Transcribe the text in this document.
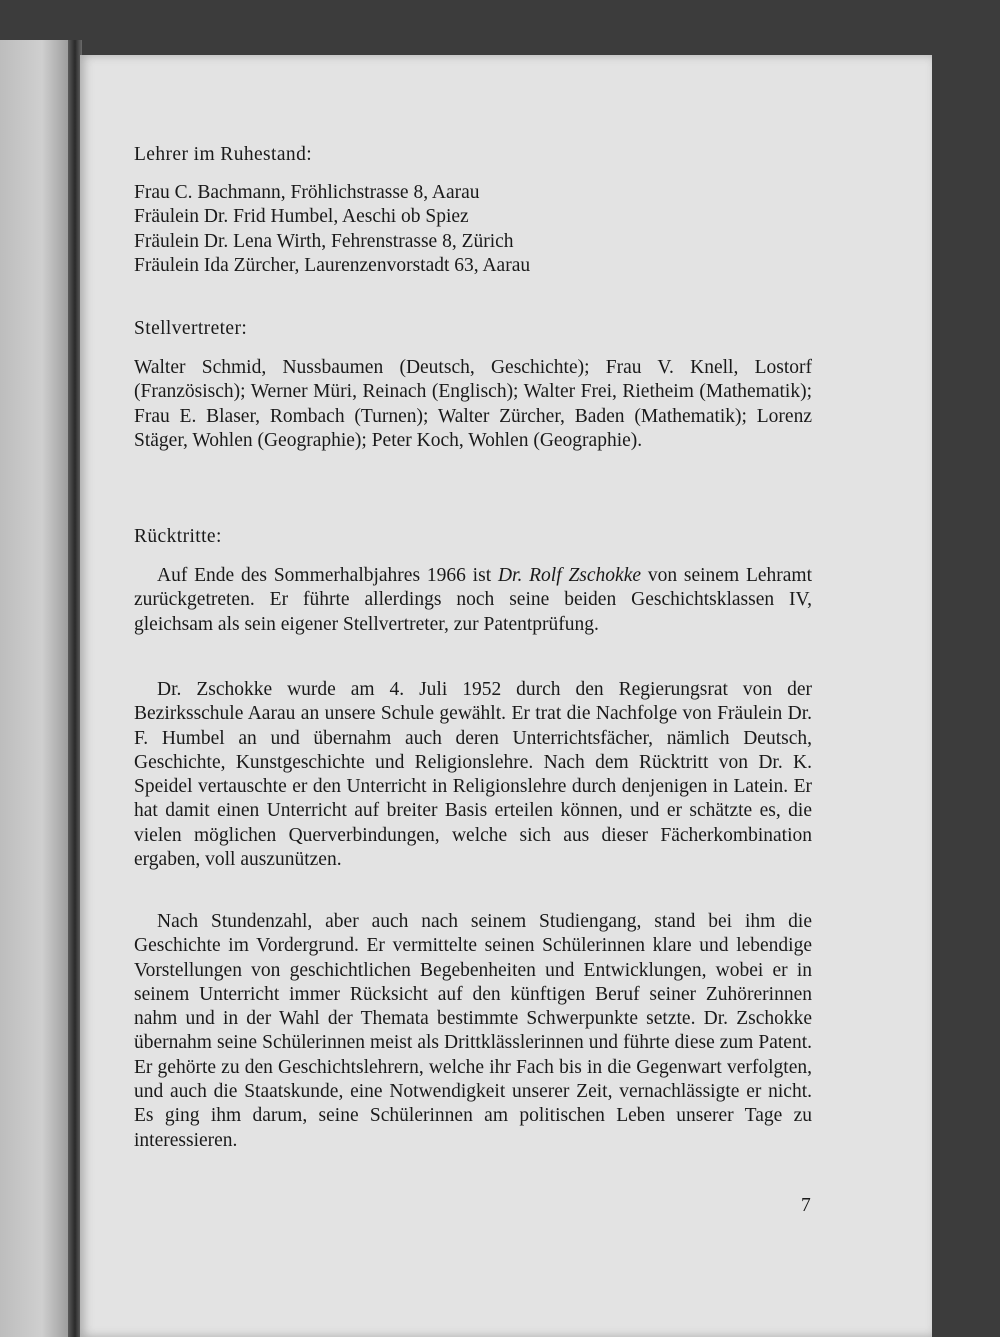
Lehrer im Ruhestand:

Frau C. Bachmann, Fröhlichstrasse 8, Aarau
Fräulein Dr. Frid Humbel, Aeschi ob Spiez
Fräulein Dr. Lena Wirth, Fehrenstrasse 8, Zürich
Fräulein Ida Zürcher, Laurenzenvorstadt 63, Aarau

Stellvertreter:

Walter Schmid, Nussbaumen (Deutsch, Geschichte); Frau V. Knell, Lostorf (Französisch); Werner Müri, Reinach (Englisch); Walter Frei, Rietheim (Mathematik); Frau E. Blaser, Rombach (Turnen); Walter Zürcher, Baden (Mathematik); Lorenz Stäger, Wohlen (Geographie); Peter Koch, Wohlen (Geographie).

Rücktritte:

Auf Ende des Sommerhalbjahres 1966 ist Dr. Rolf Zschokke von seinem Lehramt zurückgetreten. Er führte allerdings noch seine beiden Geschichtsklassen IV, gleichsam als sein eigener Stellvertreter, zur Patentprüfung.

Dr. Zschokke wurde am 4. Juli 1952 durch den Regierungsrat von der Bezirksschule Aarau an unsere Schule gewählt. Er trat die Nachfolge von Fräulein Dr. F. Humbel an und übernahm auch deren Unterrichtsfächer, nämlich Deutsch, Geschichte, Kunstgeschichte und Religionslehre. Nach dem Rücktritt von Dr. K. Speidel vertauschte er den Unterricht in Religionslehre durch denjenigen in Latein. Er hat damit einen Unterricht auf breiter Basis erteilen können, und er schätzte es, die vielen möglichen Querverbindungen, welche sich aus dieser Fächerkombination ergaben, voll auszunützen.

Nach Stundenzahl, aber auch nach seinem Studiengang, stand bei ihm die Geschichte im Vordergrund. Er vermittelte seinen Schülerinnen klare und lebendige Vorstellungen von geschichtlichen Begebenheiten und Entwicklungen, wobei er in seinem Unterricht immer Rücksicht auf den künftigen Beruf seiner Zuhörerinnen nahm und in der Wahl der Themata bestimmte Schwerpunkte setzte. Dr. Zschokke übernahm seine Schülerinnen meist als Drittklässlerinnen und führte diese zum Patent. Er gehörte zu den Geschichtslehrern, welche ihr Fach bis in die Gegenwart verfolgten, und auch die Staatskunde, eine Notwendigkeit unserer Zeit, vernachlässigte er nicht. Es ging ihm darum, seine Schülerinnen am politischen Leben unserer Tage zu interessieren.

7
